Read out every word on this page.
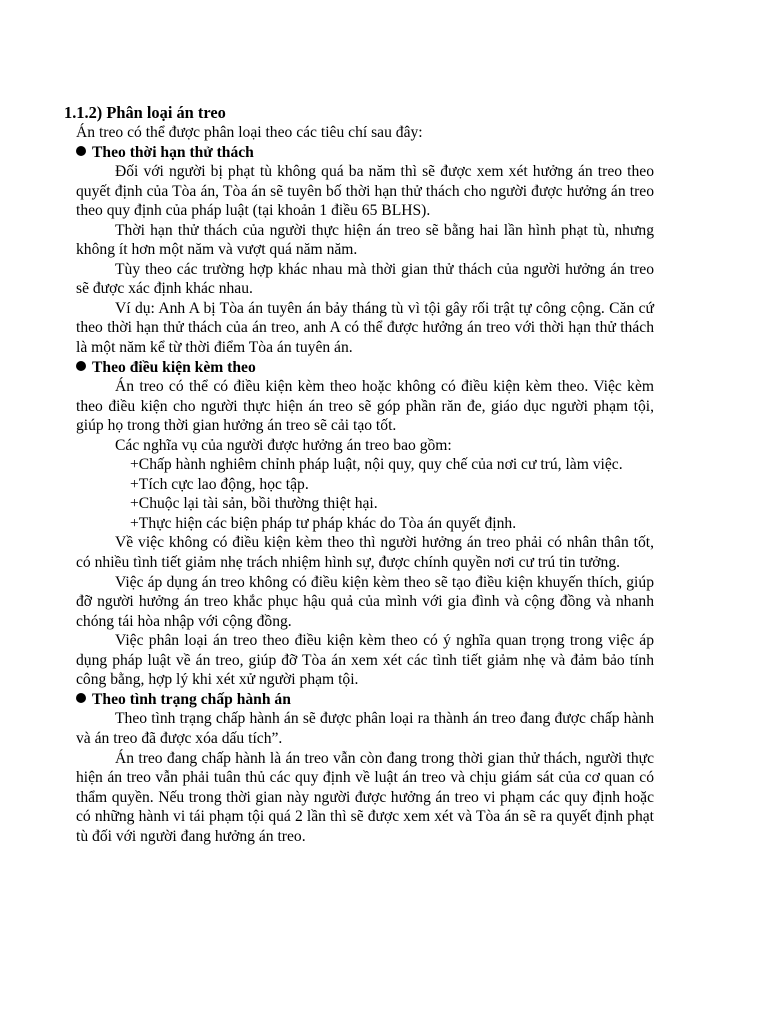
1.1.2) Phân loại án treo

Án treo có thể được phân loại theo các tiêu chí sau đây:

Theo thời hạn thử thách

Đối với người bị phạt tù không quá ba năm thì sẽ được xem xét hưởng án treo theo quyết định của Tòa án, Tòa án sẽ tuyên bố thời hạn thử thách cho người được hưởng án treo theo quy định của pháp luật (tại khoản 1 điều 65 BLHS).

Thời hạn thử thách của người thực hiện án treo sẽ bằng hai lần hình phạt tù, nhưng không ít hơn một năm và vượt quá năm năm.

Tùy theo các trường hợp khác nhau mà thời gian thử thách của người hưởng án treo sẽ được xác định khác nhau.

Ví dụ: Anh A bị Tòa án tuyên án bảy tháng tù vì tội gây rối trật tự công cộng. Căn cứ theo thời hạn thử thách của án treo, anh A có thể được hưởng án treo với thời hạn thử thách là một năm kể từ thời điểm Tòa án tuyên án.

Theo điều kiện kèm theo

Án treo có thể có điều kiện kèm theo hoặc không có điều kiện kèm theo. Việc kèm theo điều kiện cho người thực hiện án treo sẽ góp phần răn đe, giáo dục người phạm tội, giúp họ trong thời gian hưởng án treo sẽ cải tạo tốt.

Các nghĩa vụ của người được hưởng án treo bao gồm:

+Chấp hành nghiêm chỉnh pháp luật, nội quy, quy chế của nơi cư trú, làm việc.

+Tích cực lao động, học tập.

+Chuộc lại tài sản, bồi thường thiệt hại.

+Thực hiện các biện pháp tư pháp khác do Tòa án quyết định.

Về việc không có điều kiện kèm theo thì người hưởng án treo phải có nhân thân tốt, có nhiều tình tiết giảm nhẹ trách nhiệm hình sự, được chính quyền nơi cư trú tin tưởng.

Việc áp dụng án treo không có điều kiện kèm theo sẽ tạo điều kiện khuyến thích, giúp đỡ người hưởng án treo khắc phục hậu quả của mình với gia đình và cộng đồng và nhanh chóng tái hòa nhập với cộng đồng.

Việc phân loại án treo theo điều kiện kèm theo có ý nghĩa quan trọng trong việc áp dụng pháp luật về án treo, giúp đỡ Tòa án xem xét các tình tiết giảm nhẹ và đảm bảo tính công bằng, hợp lý khi xét xử người phạm tội.

Theo tình trạng chấp hành án

Theo tình trạng chấp hành án sẽ được phân loại ra thành án treo đang được chấp hành và án treo đã được xóa dấu tích”.

Án treo đang chấp hành là án treo vẫn còn đang trong thời gian thử thách, người thực hiện án treo vẫn phải tuân thủ các quy định về luật án treo và chịu giám sát của cơ quan có thẩm quyền. Nếu trong thời gian này người được hưởng án treo vi phạm các quy định hoặc có những hành vi tái phạm tội quá 2 lần thì sẽ được xem xét và Tòa án sẽ ra quyết định phạt tù đối với người đang hưởng án treo.
